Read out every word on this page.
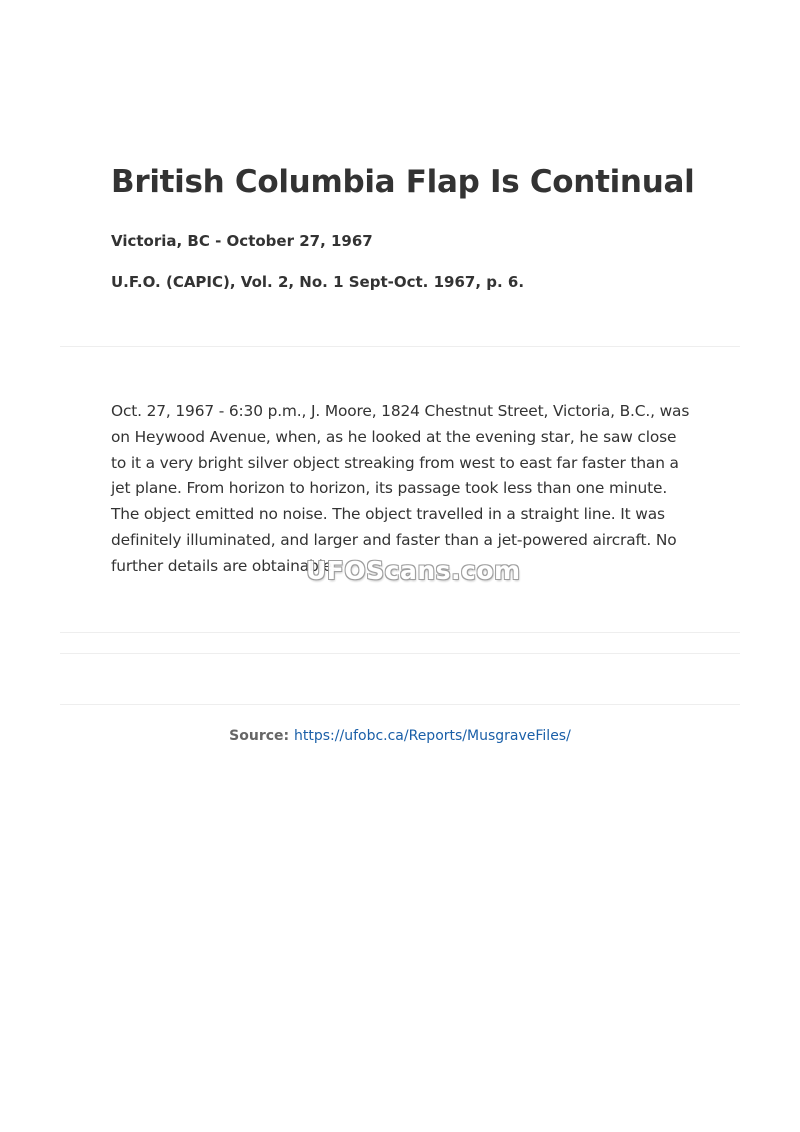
British Columbia Flap Is Continual

Victoria, BC - October 27, 1967

U.F.O. (CAPIC), Vol. 2, No. 1 Sept-Oct. 1967, p. 6.

Oct. 27, 1967 - 6:30 p.m., J. Moore, 1824 Chestnut Street, Victoria, B.C., was on Heywood Avenue, when, as he looked at the evening star, he saw close to it a very bright silver object streaking from west to east far faster than a jet plane. From horizon to horizon, its passage took less than one minute. The object emitted no noise. The object travelled in a straight line. It was definitely illuminated, and larger and faster than a jet-powered aircraft. No further details are obtainable.

UFOScans.com
Source: https://ufobc.ca/Reports/MusgraveFiles/
